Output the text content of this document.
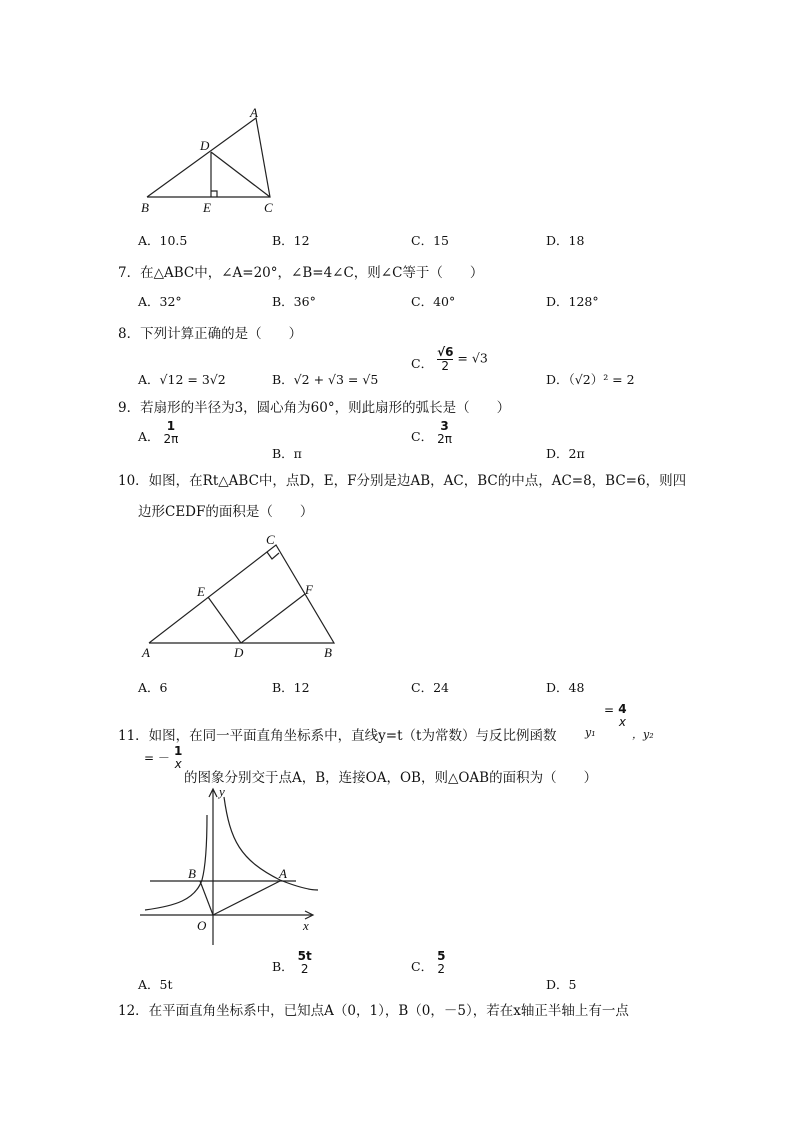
A
D
B	E	C
A．10.5	B．12	C．15	D．18
7．在△ABC中，∠A=20°，∠B=4∠C，则∠C等于（　　）
A．32°	B．36°	C．40°	D．128°
8．下列计算正确的是（　　）
A．√12 = 3√2	B．√2 + √3 = √5
C． $\frac{√6}{2} = √3$
D．（√2）² = 2
9．若扇形的半径为3，圆心角为60°，则此扇形的弧长是（　　）
A．
1
2π
B．π
C．
3
2π
D．2π
10．如图，在Rt△ABC中，点D，E，F分别是边AB，AC，BC的中点，AC=8，BC=6，则四
边形CEDF的面积是（　　）
C
E	F
A	D	B
A．6	B．12	C．24	D．48
11．如图，在同一平面直角坐标系中，直线y=t（t为常数）与反比例函数	y₁
= 4
x
，y₂
= －
1
x
的图象分别交于点A，B，连接OA，OB，则△OAB的面积为（　　）
y
B	A
O	x
A．5t
B．
5t
2	C．
5
2
D．5
12．在平面直角坐标系中，已知点A（0，1），B（0，－5），若在x轴正半轴上有一点
